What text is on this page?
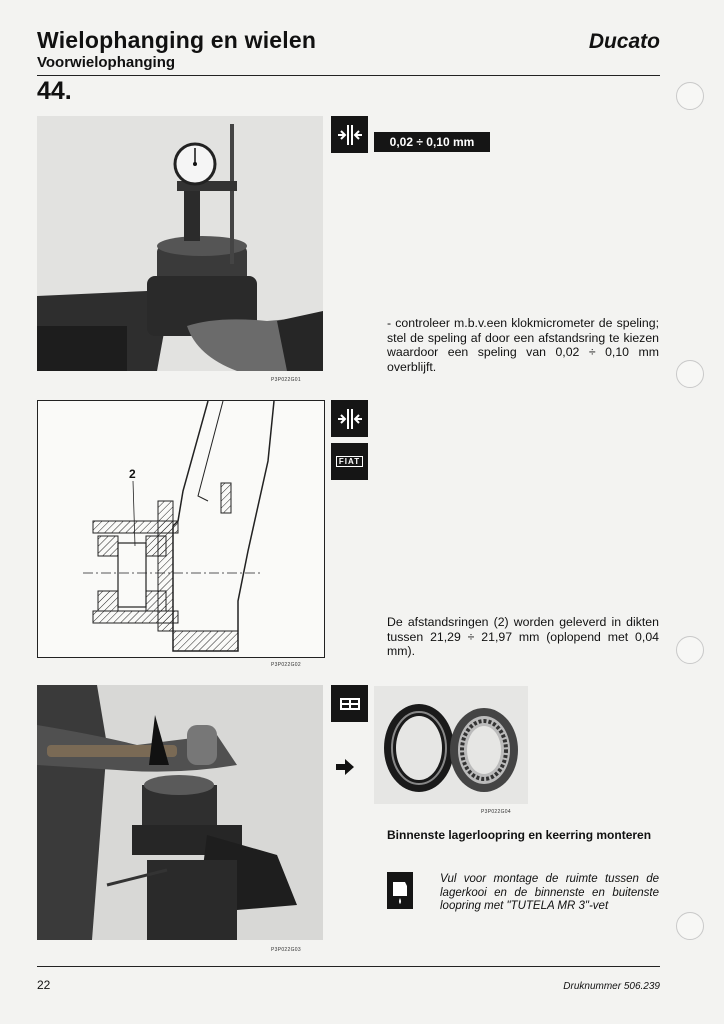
Wielophanging en wielen	Ducato
Voorwielophanging
44.
P3P022G01
0,02 ÷ 0,10 mm
- controleer m.b.v.een klokmicrometer de speling; stel de speling af door een afstandsring te kiezen waardoor een speling van 0,02 ÷ 0,10 mm overblijft.
2
P3P022G02
FIAT
De afstandsringen (2) worden geleverd in dikten tussen 21,29 ÷ 21,97 mm (oplopend met 0,04 mm).
P3P022G03
P3P022G04
Binnenste lagerloopring en keerring monteren
Vul voor montage de ruimte tussen de lagerkooi en de binnenste en buitenste loopring met "TUTELA MR 3"-vet
22	Druknummer 506.239
